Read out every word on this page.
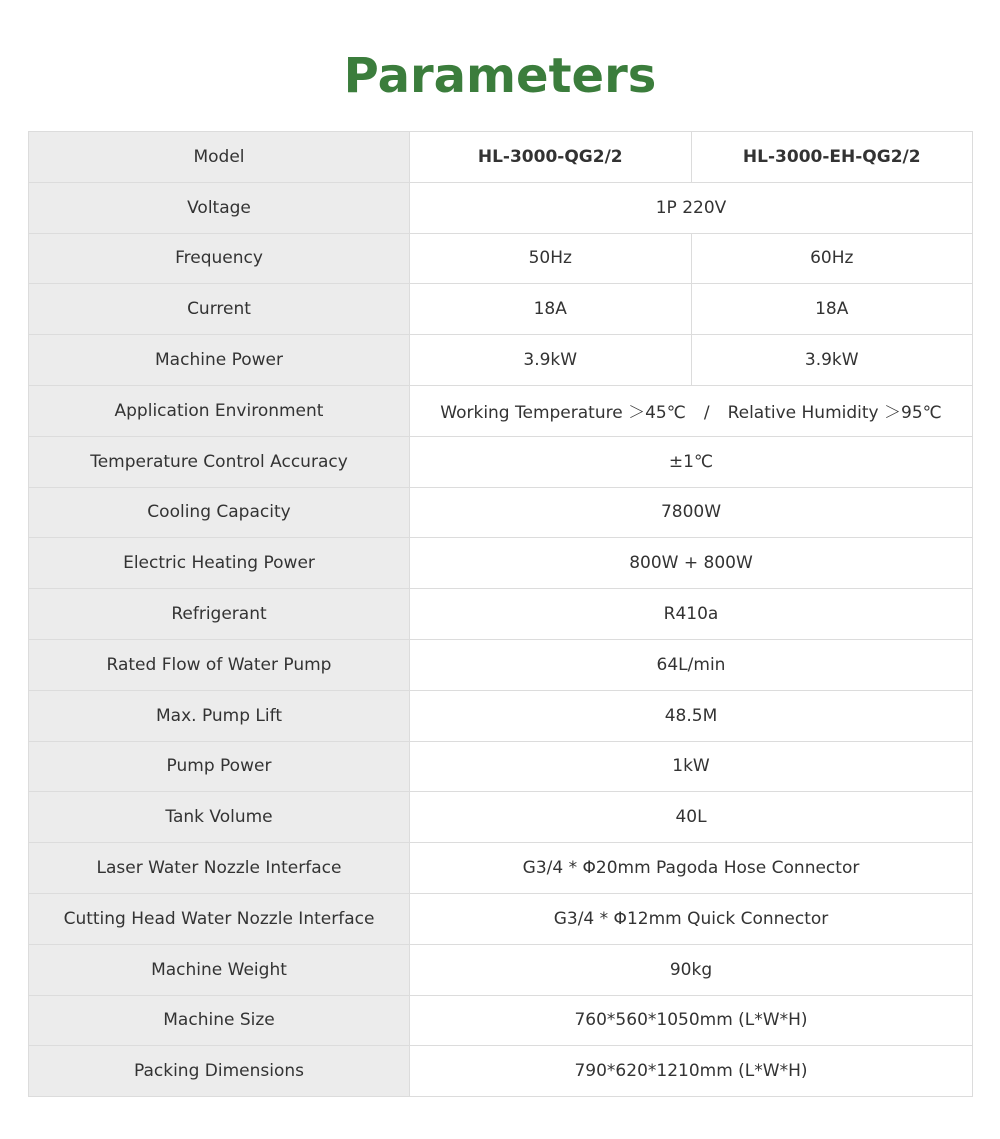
Parameters
Model	HL-3000-QG2/2	HL-3000-EH-QG2/2
Voltage	1P 220V	
Frequency	50Hz	60Hz
Current	18A	18A
Machine Power	3.9kW	3.9kW
Application Environment	Working Temperature ＞45℃ / Relative Humidity ＞95℃	
Temperature Control Accuracy	±1℃	
Cooling Capacity	7800W	
Electric Heating Power	800W + 800W	
Refrigerant	R410a	
Rated Flow of Water Pump	64L/min	
Max. Pump Lift	48.5M	
Pump Power	1kW	
Tank Volume	40L	
Laser Water Nozzle Interface	G3/4 * Φ20mm Pagoda Hose Connector	
Cutting Head Water Nozzle Interface	G3/4 * Φ12mm Quick Connector	
Machine Weight	90kg	
Machine Size	760*560*1050mm (L*W*H)	
Packing Dimensions	790*620*1210mm (L*W*H)	
